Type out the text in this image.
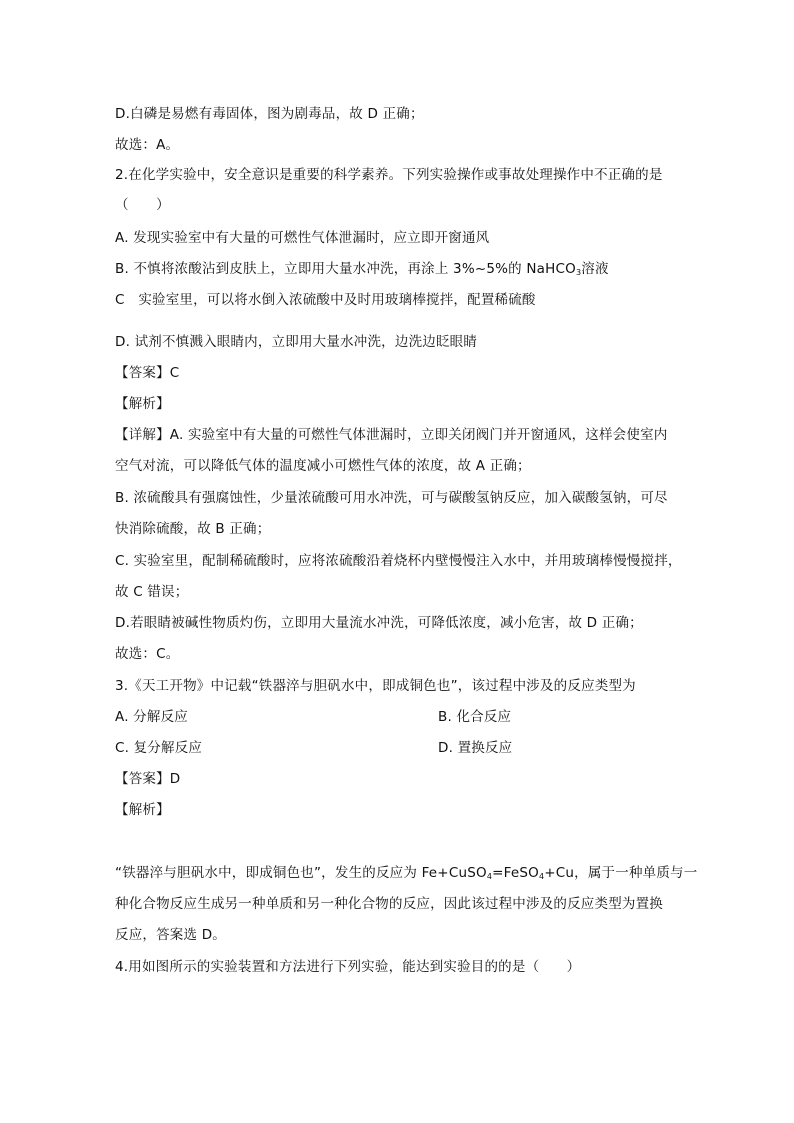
D.白磷是易燃有毒固体，图为剧毒品，故 D 正确；
故选：A。
2.在化学实验中，安全意识是重要的科学素养。下列实验操作或事故处理操作中不正确的是
（　　）
A. 发现实验室中有大量的可燃性气体泄漏时，应立即开窗通风
B. 不慎将浓酸沾到皮肤上，立即用大量水冲洗，再涂上 3%~5%的 NaHCO$_3$溶液
C　实验室里，可以将水倒入浓硫酸中及时用玻璃棒搅拌，配置稀硫酸
D. 试剂不慎溅入眼睛内，立即用大量水冲洗，边洗边眨眼睛
【答案】C
【解析】
【详解】A. 实验室中有大量的可燃性气体泄漏时，立即关闭阀门并开窗通风，这样会使室内
空气对流，可以降低气体的温度减小可燃性气体的浓度，故 A 正确；
B. 浓硫酸具有强腐蚀性，少量浓硫酸可用水冲洗，可与碳酸氢钠反应，加入碳酸氢钠，可尽
快消除硫酸，故 B 正确；
C. 实验室里，配制稀硫酸时，应将浓硫酸沿着烧杯内壁慢慢注入水中，并用玻璃棒慢慢搅拌，
故 C 错误；
D.若眼睛被碱性物质灼伤，立即用大量流水冲洗，可降低浓度，减小危害，故 D 正确；
故选：C。
3.《天工开物》中记载“铁器淬与胆矾水中，即成铜色也”，该过程中涉及的反应类型为
A. 分解反应	B. 化合反应
C. 复分解反应	D. 置换反应
【答案】D
【解析】
“铁器淬与胆矾水中，即成铜色也”，发生的反应为 Fe+CuSO$_4$=FeSO$_4$+Cu，属于一种单质与一
种化合物反应生成另一种单质和另一种化合物的反应，因此该过程中涉及的反应类型为置换
反应，答案选 D。
4.用如图所示的实验装置和方法进行下列实验，能达到实验目的的是（　　）
